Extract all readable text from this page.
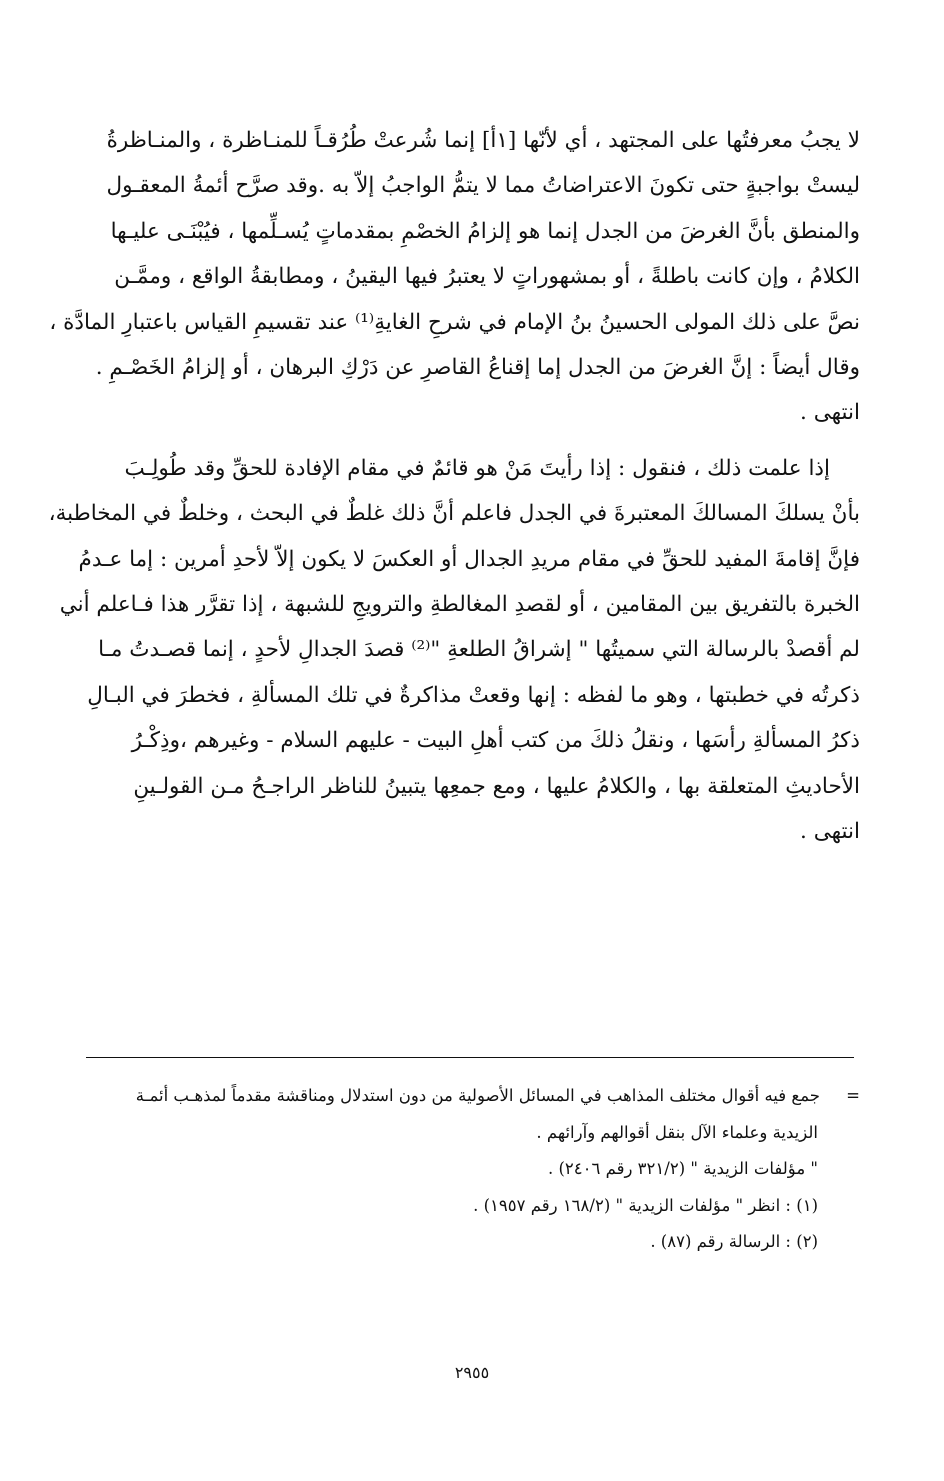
لا يجبُ معرفتُها على المجتهد ، أي لأنّها [١أ] إنما شُرعتْ طُرُقـاً للمنـاظرة ، والمنـاظرةُ
ليستْ بواجبةٍ حتى تكونَ الاعتراضاتُ مما لا يتمُّ الواجبُ إلاّ به .وقد صرَّح أئمةُ المعقـول
والمنطق بأنَّ الغرضَ من الجدل إنما هو إلزامُ الخصْمِ بمقدماتٍ يُسـلِّمها ، فيُبْنَـى عليـها
الكلامُ ، وإن كانت باطلةً ، أو بمشهوراتٍ لا يعتبرُ فيها اليقينُ ، ومطابقةُ الواقع ، وممَّـن
نصَّ على ذلك المولى الحسينُ بنُ الإمام في شرحِ الغايةِ⁽¹⁾ عند تقسيمِ القياس باعتبارِ المادَّة ،
وقال أيضاً : إنَّ الغرضَ من الجدل إما إقناعُ القاصرِ عن دَرْكِ البرهان ، أو إلزامُ الخَصْـمِ .
انتهى .
إذا علمت ذلك ، فنقول : إذا رأيتَ مَنْ هو قائمٌ في مقام الإفادة للحقِّ وقد طُولِـبَ
بأنْ يسلكَ المسالكَ المعتبرةَ في الجدل فاعلم أنَّ ذلك غلطٌ في البحث ، وخلطٌ في المخاطبة،
فإنَّ إقامةَ المفيد للحقِّ في مقام مريدِ الجدال أو العكسَ لا يكون إلاّ لأحدِ أمرين : إما عـدمُ
الخبرة بالتفريق بين المقامين ، أو لقصدِ المغالطةِ والترويجِ للشبهة ، إذا تقرَّر هذا فـاعلم أني
لم أقصدْ بالرسالة التي سميتُها " إشراقُ الطلعةِ "⁽²⁾ قصدَ الجدالِ لأحدٍ ، إنما قصـدتُ مـا
ذكرتُه في خطبتها ، وهو ما لفظه : إنها وقعتْ مذاكرةٌ في تلك المسألةِ ، فخطرَ في البـالِ
ذكرُ المسألةِ رأسَها ، ونقلُ ذلكَ من كتب أهلِ البيت - عليهم السلام - وغيرهم ،وذِكْـرُ
الأحاديثِ المتعلقة بها ، والكلامُ عليها ، ومع جمعِها يتبينُ للناظر الراجـحُ مـن القولـينِ
انتهى .
=     جمع فيه أقوال مختلف المذاهب في المسائل الأصولية من دون استدلال ومناقشة مقدماً لمذهـب أئمـة
الزيدية وعلماء الآل بنقل أقوالهم وآرائهم .
" مؤلفات الزيدية " (٣٢١/٢ رقم ٢٤٠٦) .
(١) : انظر " مؤلفات الزيدية " (١٦٨/٢ رقم ١٩٥٧) .
(٢) : الرسالة رقم (٨٧) .
٢٩٥٥
